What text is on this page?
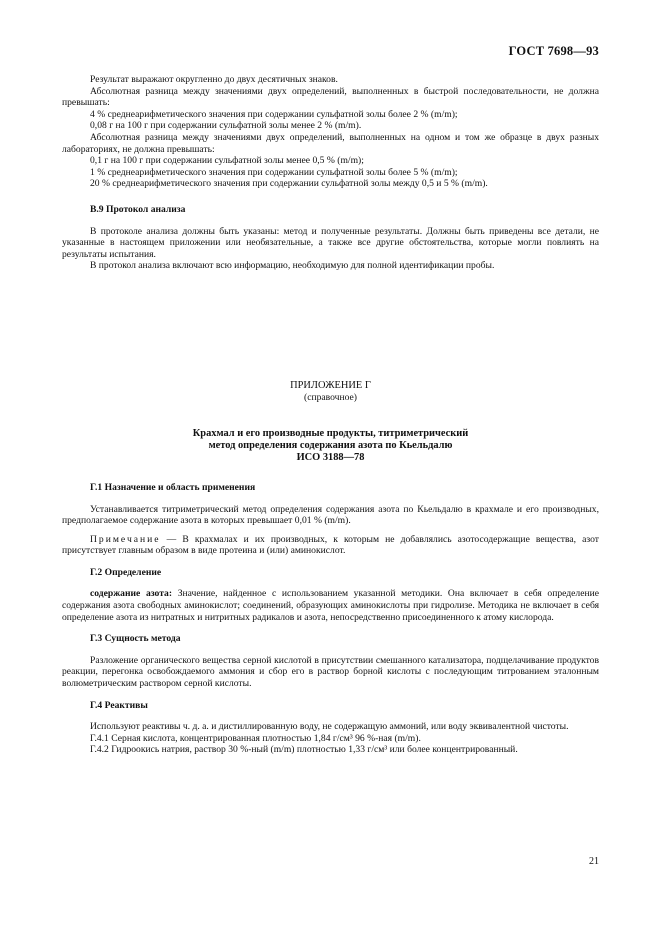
ГОСТ 7698—93

Результат выражают округленно до двух десятичных знаков.

Абсолютная разница между значениями двух определений, выполненных в быстрой последовательности, не должна превышать:

4 % среднеарифметического значения при содержании сульфатной золы более 2 % (m/m);

0,08 г на 100 г при содержании сульфатной золы менее 2 % (m/m).

Абсолютная разница между значениями двух определений, выполненных на одном и том же образце в двух разных лабораториях, не должна превышать:

0,1 г на 100 г при содержании сульфатной золы менее 0,5 % (m/m);

1 % среднеарифметического значения при содержании сульфатной золы более 5 % (m/m);

20 % среднеарифметического значения при содержании сульфатной золы между 0,5 и 5 % (m/m).

В.9 Протокол анализа

В протоколе анализа должны быть указаны: метод и полученные результаты. Должны быть приведены все детали, не указанные в настоящем приложении или необязательные, а также все другие обстоятельства, которые могли повлиять на результаты испытания.

В протокол анализа включают всю информацию, необходимую для полной идентификации пробы.

ПРИЛОЖЕНИЕ Г
(справочное)
Крахмал и его производные продукты, титриметрический
метод определения содержания азота по Кьельдалю
ИСО 3188—78

Г.1 Назначение и область применения

Устанавливается титриметрический метод определения содержания азота по Кьельдалю в крахмале и его производных, предполагаемое содержание азота в которых превышает 0,01 % (m/m).

Примечание — В крахмалах и их производных, к которым не добавлялись азотосодержащие вещества, азот присутствует главным образом в виде протеина и (или) аминокислот.

Г.2 Определение

содержание азота: Значение, найденное с использованием указанной методики. Она включает в себя определение содержания азота свободных аминокислот; соединений, образующих аминокислоты при гидролизе. Методика не включает в себя определение азота из нитратных и нитритных радикалов и азота, непосредственно присоединенного к атому кислорода.

Г.3 Сущность метода

Разложение органического вещества серной кислотой в присутствии смешанного катализатора, подщелачивание продуктов реакции, перегонка освобождаемого аммония и сбор его в раствор борной кислоты с последующим титрованием эталонным волюметрическим раствором серной кислоты.

Г.4 Реактивы

Используют реактивы ч. д. а. и дистиллированную воду, не содержащую аммоний, или воду эквивалентной чистоты.

Г.4.1 Серная кислота, концентрированная плотностью 1,84 г/см³ 96 %-ная (m/m).

Г.4.2 Гидроокись натрия, раствор 30 %-ный (m/m) плотностью 1,33 г/см³ или более концентрированный.

21
